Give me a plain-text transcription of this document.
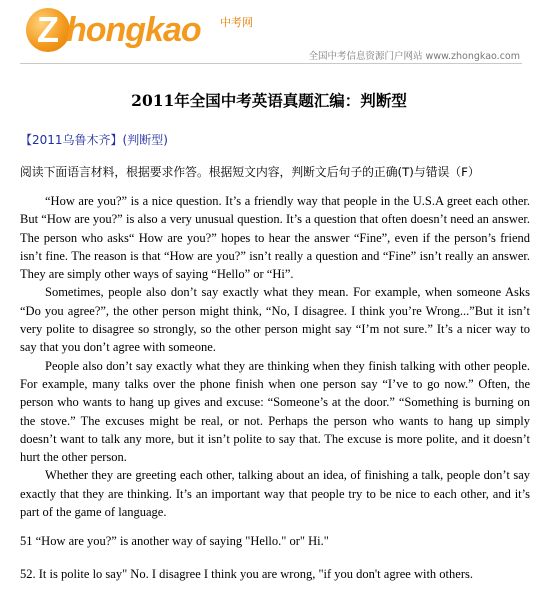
Z hongkao 中考网
全国中考信息资源门户网站 www.zhongkao.com
2011年全国中考英语真题汇编：判断型
【2011乌鲁木齐】(判断型)
阅读下面语言材料，根据要求作答。根据短文内容，判断文后句子的正确(T)与错误（F）

“How are you?” is a nice question. It’s a friendly way that people in the U.S.A greet each other. But “How are you?” is also a very unusual question. It’s a question that often doesn’t need an answer. The person who asks“ How are you?” hopes to hear the answer “Fine”, even if the person’s friend isn’t fine. The reason is that “How are you?” isn’t really a question and “Fine” isn’t really an answer. They are simply other ways of saying “Hello” or “Hi”.

Sometimes, people also don’t say exactly what they mean. For example, when someone Asks “Do you agree?”, the other person might think, “No, I disagree. I think you’re Wrong...”But it isn’t very polite to disagree so strongly, so the other person might say “I’m not sure.” It’s a nicer way to say that you don’t agree with someone.

People also don’t say exactly what they are thinking when they finish talking with other people. For example, many talks over the phone finish when one person say “I’ve to go now.” Often, the person who wants to hang up gives and excuse: “Someone’s at the door.” “Something is burning on the stove.” The excuses might be real, or not. Perhaps the person who wants to hang up simply doesn’t want to talk any more, but it isn’t polite to say that. The excuse is more polite, and it doesn’t hurt the other person.

Whether they are greeting each other, talking about an idea, of finishing a talk, people don’t say exactly that they are thinking. It’s an important way that people try to be nice to each other, and it’s part of the game of language.

51 “How are you?” is another way of saying "Hello." or" Hi."
52. It is polite lo say" No. I disagree I think you are wrong, "if you don't agree with others.
